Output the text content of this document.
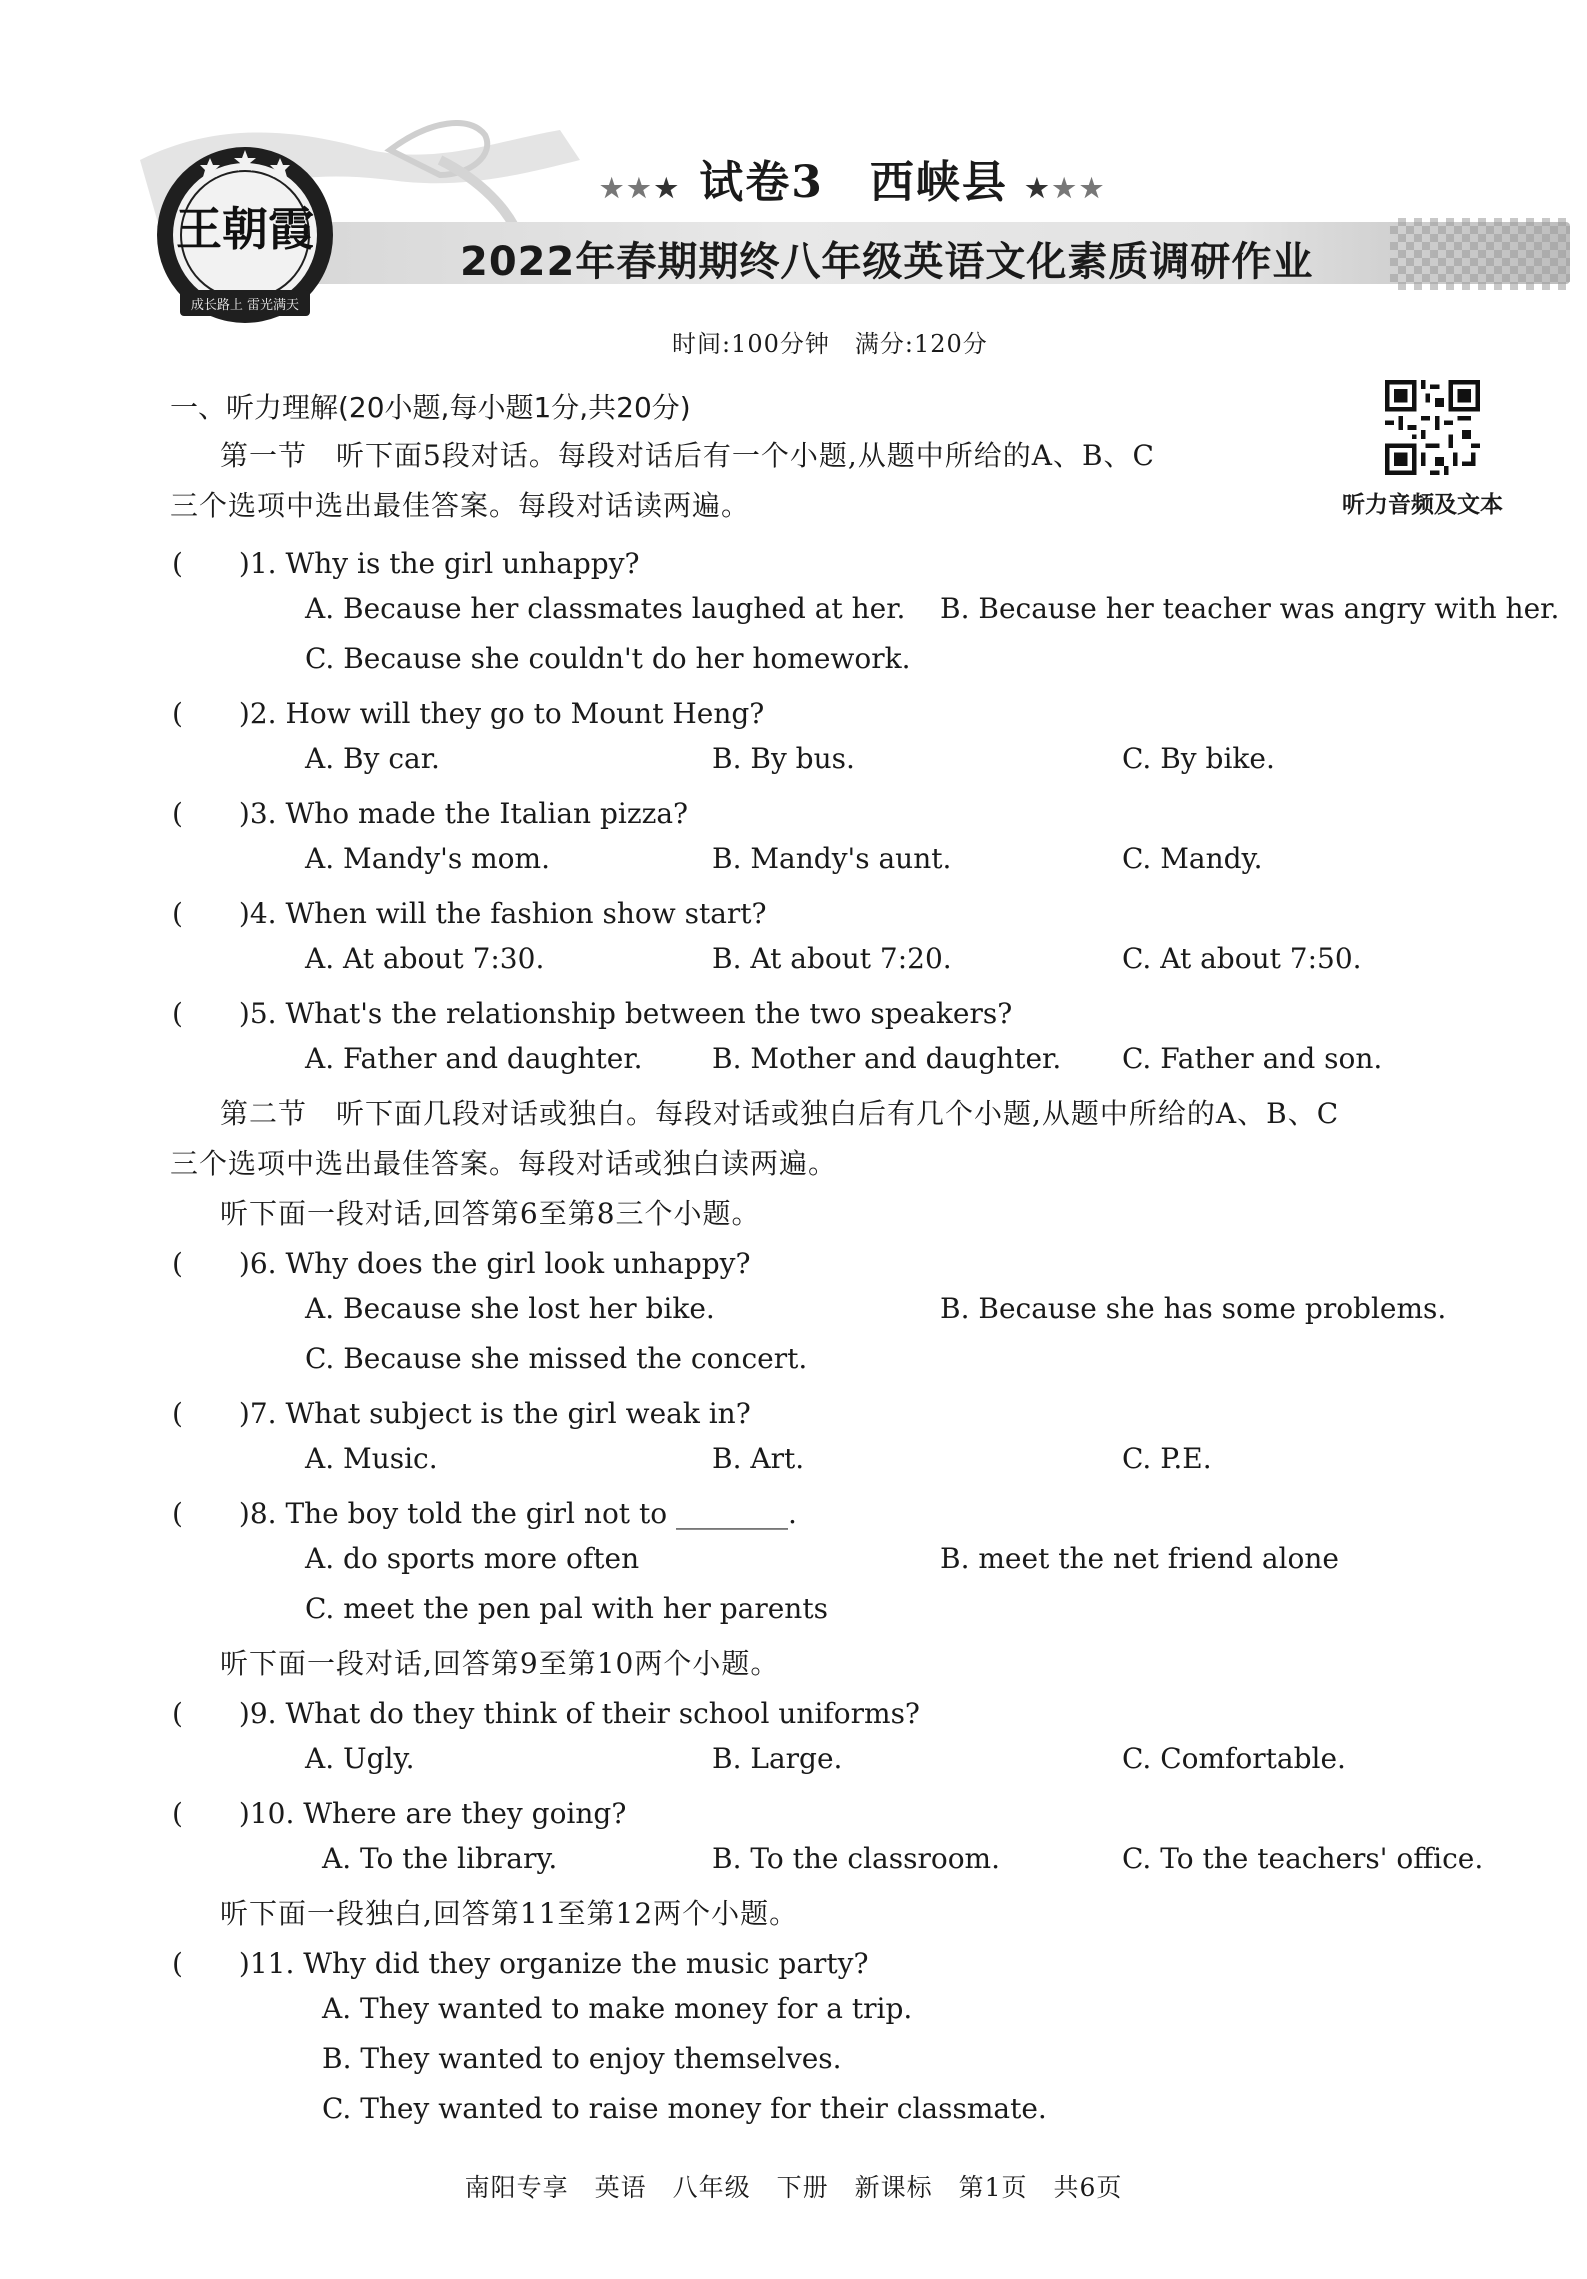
王朝霞
成长路上 雷光满天
★★★ 试卷3　西峡县 ★★★
2022年春期期终八年级英语文化素质调研作业
时间:100分钟　满分:120分
听力音频及文本
一、听力理解(20小题,每小题1分,共20分)
第一节　听下面5段对话。每段对话后有一个小题,从题中所给的A、B、C
三个选项中选出最佳答案。每段对话读两遍。
(　　)1. Why is the girl unhappy?
A. Because her classmates laughed at her. B. Because her teacher was angry with her.
C. Because she couldn't do her homework.
(　　)2. How will they go to Mount Heng?
A. By car.	B. By bus.	C. By bike.
(　　)3. Who made the Italian pizza?
A. Mandy's mom.	B. Mandy's aunt.	C. Mandy.
(　　)4. When will the fashion show start?
A. At about 7:30.	B. At about 7:20.	C. At about 7:50.
(　　)5. What's the relationship between the two speakers?
A. Father and daughter. B. Mother and daughter. C. Father and son.
第二节　听下面几段对话或独白。每段对话或独白后有几个小题,从题中所给的A、B、C
三个选项中选出最佳答案。每段对话或独白读两遍。
听下面一段对话,回答第6至第8三个小题。
(　　)6. Why does the girl look unhappy?
A. Because she lost her bike.	B. Because she has some problems.
C. Because she missed the concert.
(　　)7. What subject is the girl weak in?
A. Music.	B. Art.	C. P.E.
(　　)8. The boy told the girl not to ________.
A. do sports more often	B. meet the net friend alone
C. meet the pen pal with her parents
听下面一段对话,回答第9至第10两个小题。
(　　)9. What do they think of their school uniforms?
A. Ugly.	B. Large.	C. Comfortable.
(　　)10. Where are they going?
A. To the library.	B. To the classroom.	C. To the teachers' office.
听下面一段独白,回答第11至第12两个小题。
(　　)11. Why did they organize the music party?
A. They wanted to make money for a trip.
B. They wanted to enjoy themselves.
C. They wanted to raise money for their classmate.
南阳专享　英语　八年级　下册　新课标　第1页　共6页
